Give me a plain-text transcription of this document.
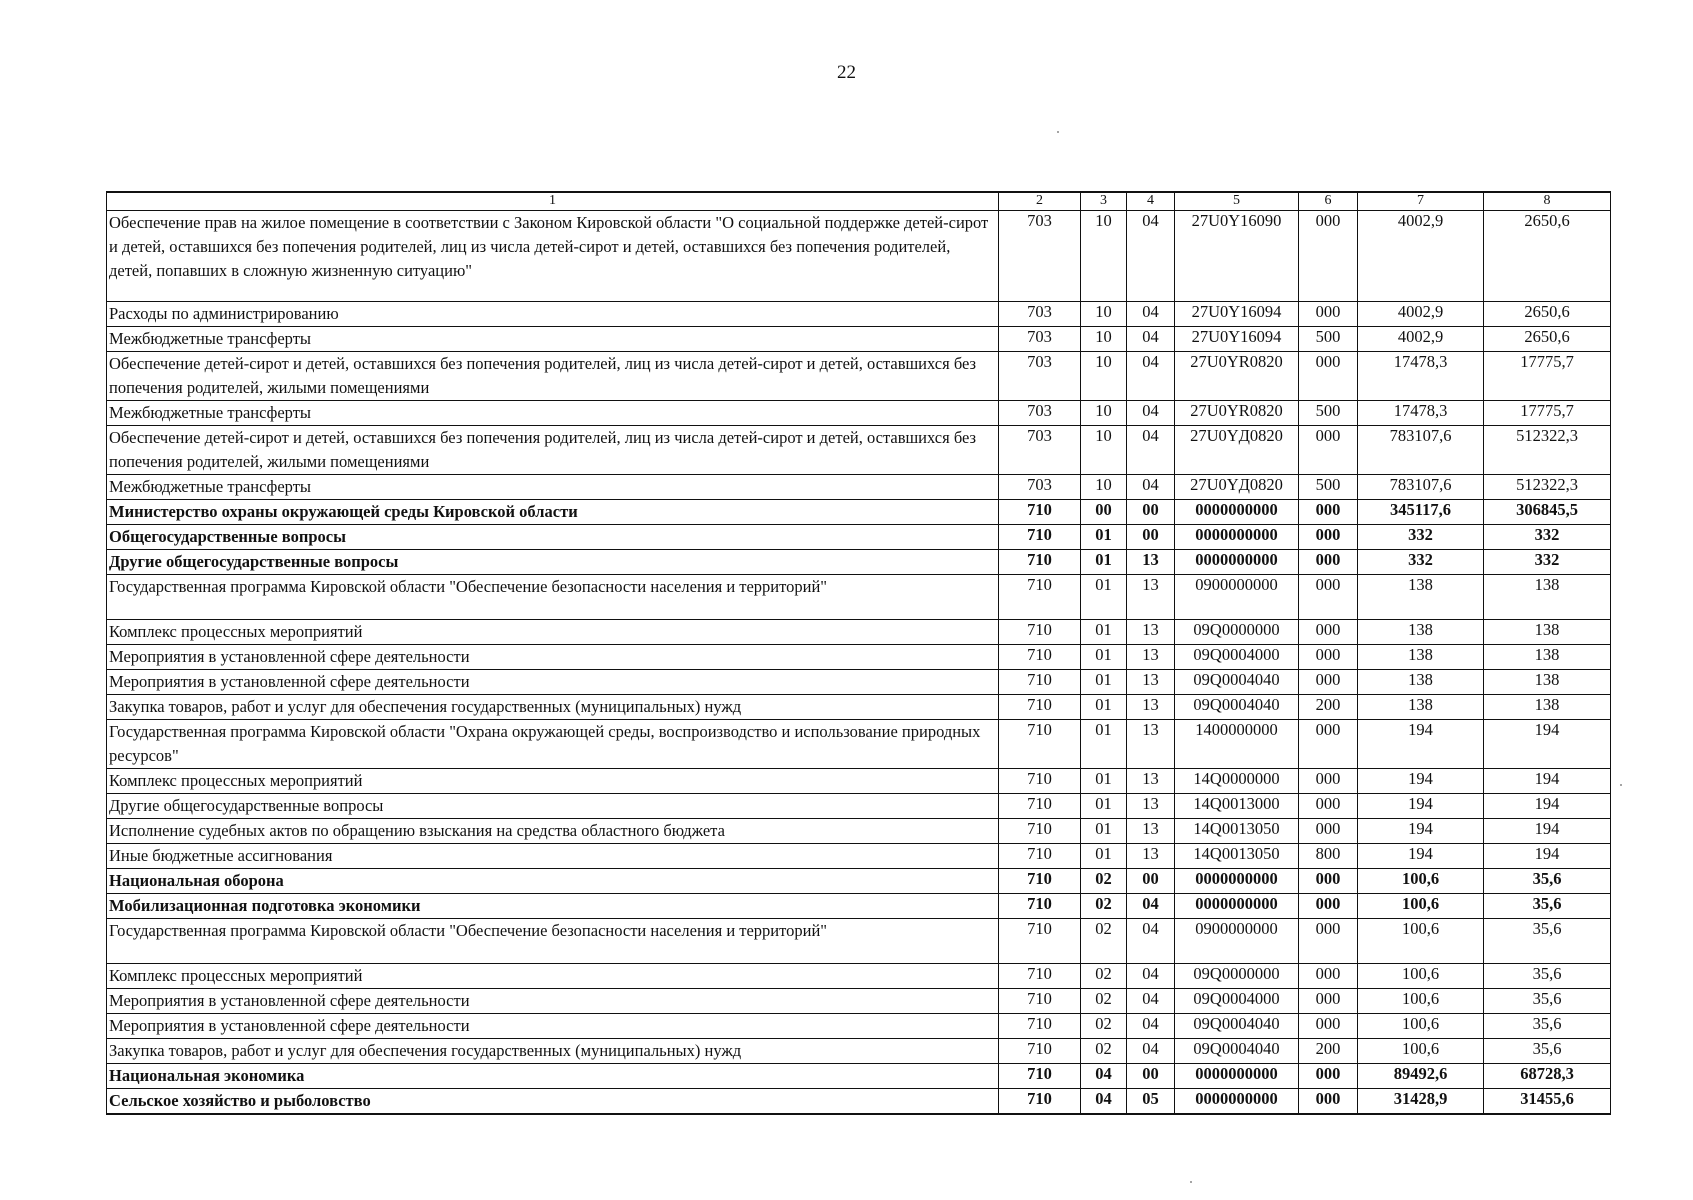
22
1	2	3	4	5	6	7	8
Обеспечение прав на жилое помещение в соответствии с Законом Кировской области "О социальной поддержке детей-сирот и детей, оставшихся без попечения родителей, лиц из числа детей-сирот и детей, оставшихся без попечения родителей, детей, попавших в сложную жизненную ситуацию"	703	10	04	27U0Y16090	000	4002,9	2650,6
Расходы по администрированию	703	10	04	27U0Y16094	000	4002,9	2650,6
Межбюджетные трансферты	703	10	04	27U0Y16094	500	4002,9	2650,6
Обеспечение детей-сирот и детей, оставшихся без попечения родителей, лиц из числа детей-сирот и детей, оставшихся без попечения родителей, жилыми помещениями	703	10	04	27U0YR0820	000	17478,3	17775,7
Межбюджетные трансферты	703	10	04	27U0YR0820	500	17478,3	17775,7
Обеспечение детей-сирот и детей, оставшихся без попечения родителей, лиц из числа детей-сирот и детей, оставшихся без попечения родителей, жилыми помещениями	703	10	04	27U0YД0820	000	783107,6	512322,3
Межбюджетные трансферты	703	10	04	27U0YД0820	500	783107,6	512322,3
Министерство охраны окружающей среды Кировской области	710	00	00	0000000000	000	345117,6	306845,5
Общегосударственные вопросы	710	01	00	0000000000	000	332	332
Другие общегосударственные вопросы	710	01	13	0000000000	000	332	332
Государственная программа Кировской области "Обеспечение безопасности населения и территорий"	710	01	13	0900000000	000	138	138
Комплекс процессных мероприятий	710	01	13	09Q0000000	000	138	138
Мероприятия в установленной сфере деятельности	710	01	13	09Q0004000	000	138	138
Мероприятия в установленной сфере деятельности	710	01	13	09Q0004040	000	138	138
Закупка товаров, работ и услуг для обеспечения государственных (муниципальных) нужд	710	01	13	09Q0004040	200	138	138
Государственная программа Кировской области "Охрана окружающей среды, воспроизводство и использование природных ресурсов"	710	01	13	1400000000	000	194	194
Комплекс процессных мероприятий	710	01	13	14Q0000000	000	194	194
Другие общегосударственные вопросы	710	01	13	14Q0013000	000	194	194
Исполнение судебных актов по обращению взыскания на средства областного бюджета	710	01	13	14Q0013050	000	194	194
Иные бюджетные ассигнования	710	01	13	14Q0013050	800	194	194
Национальная оборона	710	02	00	0000000000	000	100,6	35,6
Мобилизационная подготовка экономики	710	02	04	0000000000	000	100,6	35,6
Государственная программа Кировской области "Обеспечение безопасности населения и территорий"	710	02	04	0900000000	000	100,6	35,6
Комплекс процессных мероприятий	710	02	04	09Q0000000	000	100,6	35,6
Мероприятия в установленной сфере деятельности	710	02	04	09Q0004000	000	100,6	35,6
Мероприятия в установленной сфере деятельности	710	02	04	09Q0004040	000	100,6	35,6
Закупка товаров, работ и услуг для обеспечения государственных (муниципальных) нужд	710	02	04	09Q0004040	200	100,6	35,6
Национальная экономика	710	04	00	0000000000	000	89492,6	68728,3
Сельское хозяйство и рыболовство	710	04	05	0000000000	000	31428,9	31455,6
